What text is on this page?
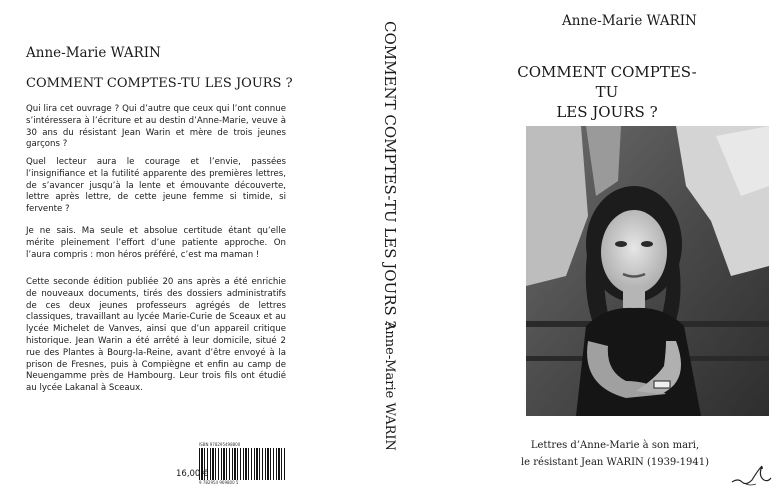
Anne-Marie WARIN
COMMENT COMPTES-TU LES JOURS ?

Qui lira cet ouvrage ? Qui d’autre que ceux qui l’ont connue s’intéressera à l’écriture et au destin d’Anne-Marie, veuve à 30 ans du résistant Jean Warin et mère de trois jeunes garçons ?

Quel lecteur aura le courage et l’envie, passées l’insignifiance et la futilité apparente des premières lettres, de s’avancer jusqu’à la lente et émouvante découverte, lettre après lettre, de cette jeune femme si timide, si fervente ?

Je ne sais. Ma seule et absolue certitude étant qu’elle mérite pleinement l’effort d’une patiente approche. On l’aura compris : mon héros préféré, c’est ma maman !

Cette seconde édition publiée 20 ans après a été enrichie de nouveaux documents, tirés des dossiers administratifs de ces deux jeunes professeurs agrégés de lettres classiques, travaillant au lycée Marie-Curie de Sceaux et au lycée Michelet de Vanves, ainsi que d’un appareil critique historique. Jean Warin a été arrêté à leur domicile, situé 2 rue des Plantes à Bourg-la-Reine, avant d’être envoyé à la prison de Fresnes, puis à Compiègne et enfin au camp de Neuengamme près de Hambourg. Leur trois fils ont étudié au lycée Lakanal à Sceaux.

ISBN 978295498800
9 782954 969800 5
16,00 €
COMMENT COMPTES-TU LES JOURS ?
Anne-Marie WARIN
Anne-Marie WARIN
COMMENT COMPTES-TU
LES JOURS ?
Lettres d’Anne-Marie à son mari,
le résistant Jean WARIN (1939-1941)
